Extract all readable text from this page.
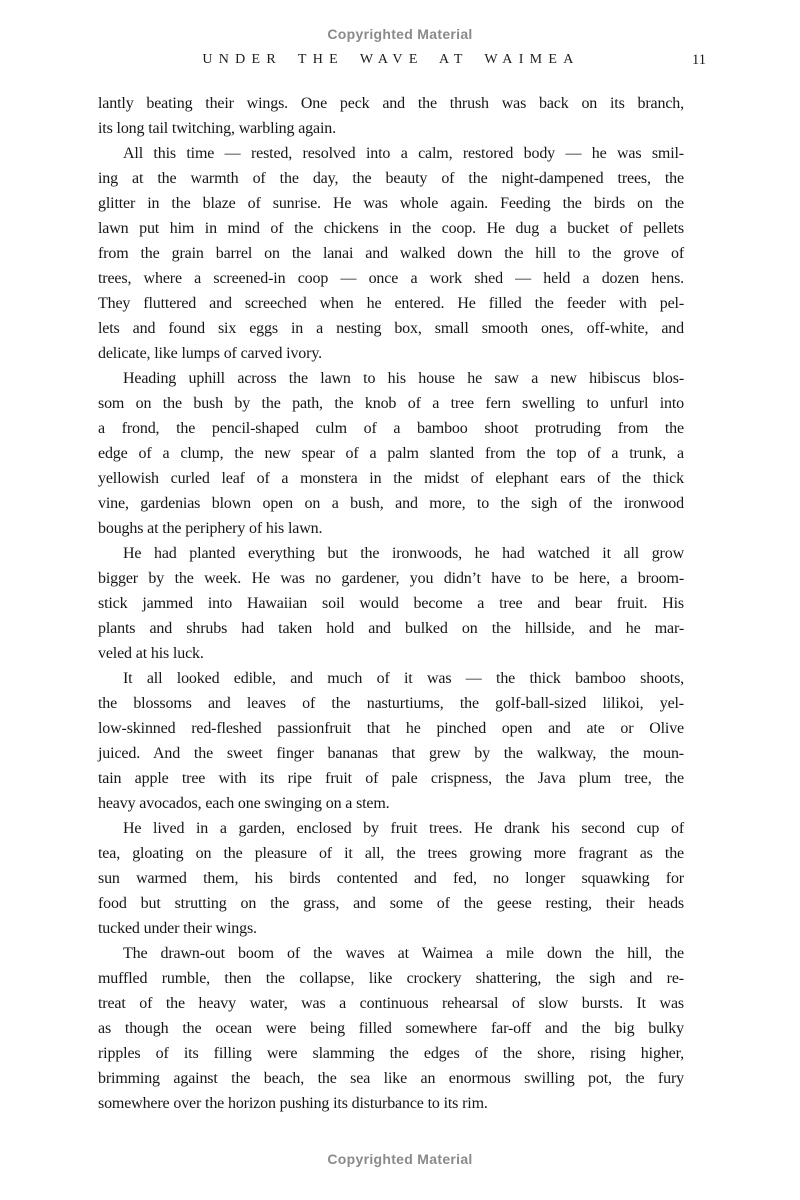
Copyrighted Material
UNDER THE WAVE AT WAIMEA	11
lantly beating their wings. One peck and the thrush was back on its branch,
its long tail twitching, warbling again.
All this time — rested, resolved into a calm, restored body — he was smil-
ing at the warmth of the day, the beauty of the night-dampened trees, the
glitter in the blaze of sunrise. He was whole again. Feeding the birds on the
lawn put him in mind of the chickens in the coop. He dug a bucket of pellets
from the grain barrel on the lanai and walked down the hill to the grove of
trees, where a screened-in coop — once a work shed — held a dozen hens.
They fluttered and screeched when he entered. He filled the feeder with pel-
lets and found six eggs in a nesting box, small smooth ones, off-white, and
delicate, like lumps of carved ivory.
Heading uphill across the lawn to his house he saw a new hibiscus blos-
som on the bush by the path, the knob of a tree fern swelling to unfurl into
a frond, the pencil-shaped culm of a bamboo shoot protruding from the
edge of a clump, the new spear of a palm slanted from the top of a trunk, a
yellowish curled leaf of a monstera in the midst of elephant ears of the thick
vine, gardenias blown open on a bush, and more, to the sigh of the ironwood
boughs at the periphery of his lawn.
He had planted everything but the ironwoods, he had watched it all grow
bigger by the week. He was no gardener, you didn’t have to be here, a broom-
stick jammed into Hawaiian soil would become a tree and bear fruit. His
plants and shrubs had taken hold and bulked on the hillside, and he mar-
veled at his luck.
It all looked edible, and much of it was — the thick bamboo shoots,
the blossoms and leaves of the nasturtiums, the golf-ball-sized lilikoi, yel-
low-skinned red-fleshed passionfruit that he pinched open and ate or Olive
juiced. And the sweet finger bananas that grew by the walkway, the moun-
tain apple tree with its ripe fruit of pale crispness, the Java plum tree, the
heavy avocados, each one swinging on a stem.
He lived in a garden, enclosed by fruit trees. He drank his second cup of
tea, gloating on the pleasure of it all, the trees growing more fragrant as the
sun warmed them, his birds contented and fed, no longer squawking for
food but strutting on the grass, and some of the geese resting, their heads
tucked under their wings.
The drawn-out boom of the waves at Waimea a mile down the hill, the
muffled rumble, then the collapse, like crockery shattering, the sigh and re-
treat of the heavy water, was a continuous rehearsal of slow bursts. It was
as though the ocean were being filled somewhere far-off and the big bulky
ripples of its filling were slamming the edges of the shore, rising higher,
brimming against the beach, the sea like an enormous swilling pot, the fury
somewhere over the horizon pushing its disturbance to its rim.
Copyrighted Material
